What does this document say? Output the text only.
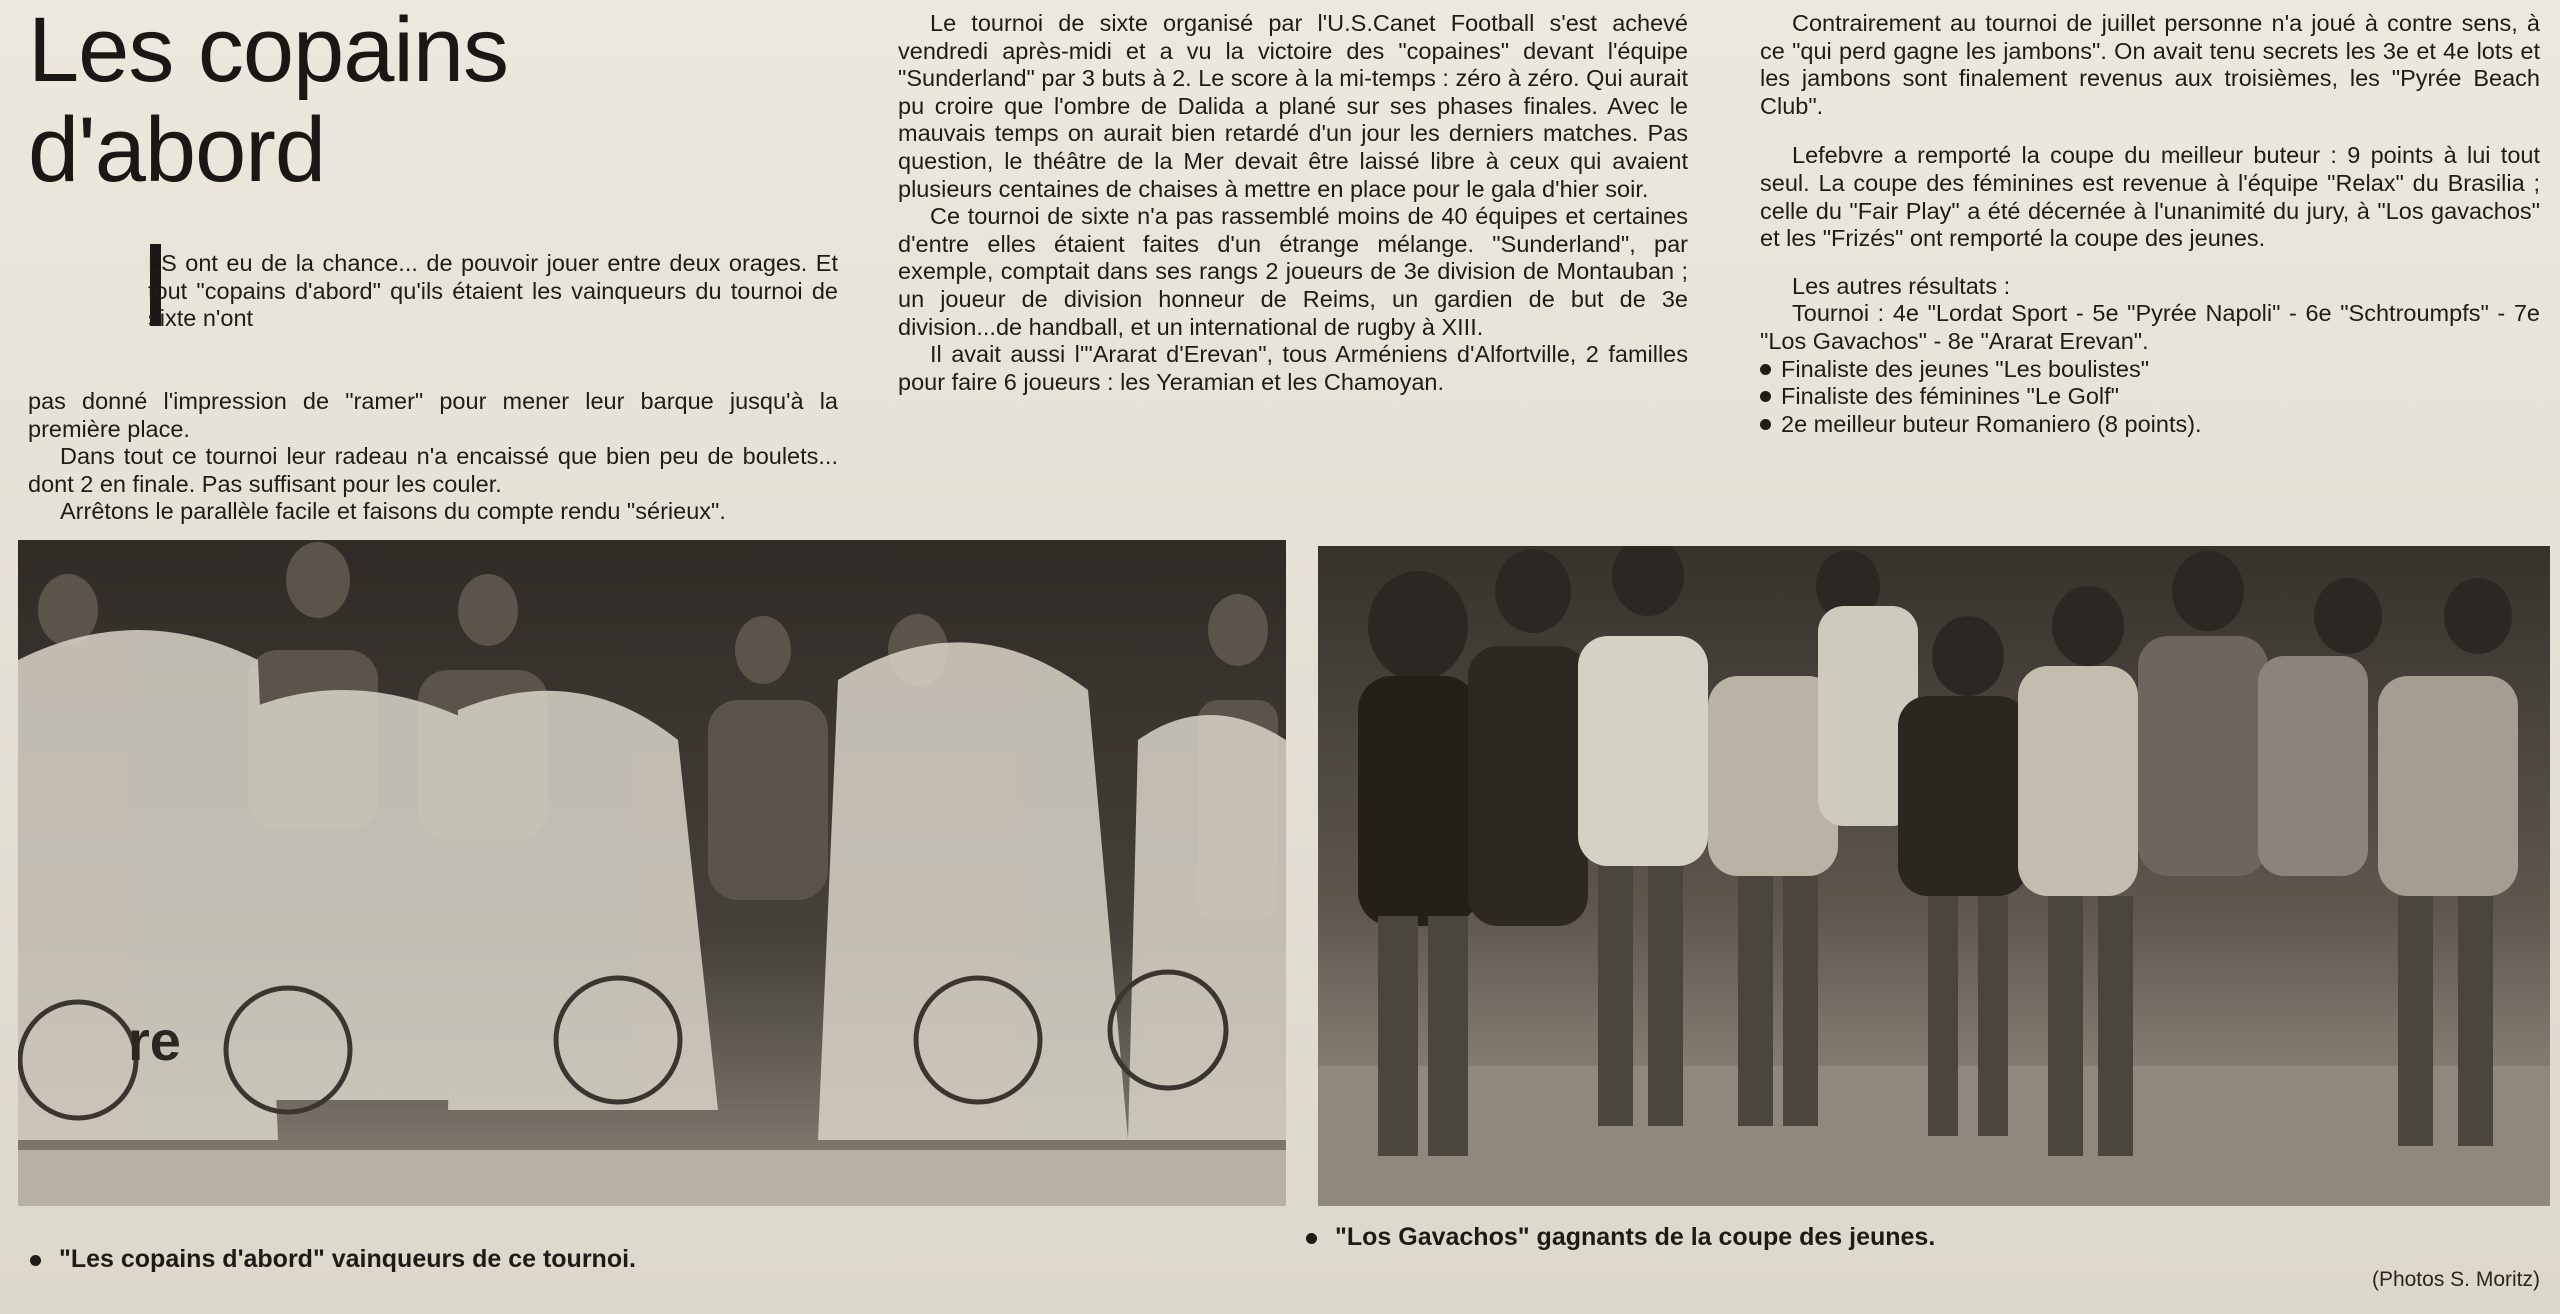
Les copains
d'abord

LS ont eu de la chance... de pouvoir jouer entre deux orages. Et tout "copains d'abord" qu'ils étaient les vainqueurs du tournoi de sixte n'ont

pas donné l'impression de "ramer" pour mener leur barque jusqu'à la première place.

Dans tout ce tournoi leur radeau n'a encaissé que bien peu de boulets... dont 2 en finale. Pas suffisant pour les couler.

Arrêtons le parallèle facile et faisons du compte rendu "sérieux".

Le tournoi de sixte organisé par l'U.S.Canet Football s'est achevé vendredi après-midi et a vu la victoire des "copaines" devant l'équipe "Sunderland" par 3 buts à 2. Le score à la mi-temps : zéro à zéro. Qui aurait pu croire que l'ombre de Dalida a plané sur ses phases finales. Avec le mauvais temps on aurait bien retardé d'un jour les derniers matches. Pas question, le théâtre de la Mer devait être laissé libre à ceux qui avaient plusieurs centaines de chaises à mettre en place pour le gala d'hier soir.

Ce tournoi de sixte n'a pas rassemblé moins de 40 équipes et certaines d'entre elles étaient faites d'un étrange mélange. "Sunderland", par exemple, comptait dans ses rangs 2 joueurs de 3e division de Montauban ; un joueur de division honneur de Reims, un gardien de but de 3e division...de handball, et un international de rugby à XIII.

Il avait aussi l'"Ararat d'Erevan", tous Arméniens d'Alfortville, 2 familles pour faire 6 joueurs : les Yeramian et les Chamoyan.

Contrairement au tournoi de juillet personne n'a joué à contre sens, à ce "qui perd gagne les jambons". On avait tenu secrets les 3e et 4e lots et les jambons sont finalement revenus aux troisièmes, les "Pyrée Beach Club".

Lefebvre a remporté la coupe du meilleur buteur : 9 points à lui tout seul. La coupe des féminines est revenue à l'équipe "Relax" du Brasilia ; celle du "Fair Play" a été décernée à l'unanimité du jury, à "Los gavachos" et les "Frizés" ont remporté la coupe des jeunes.

Les autres résultats :

Tournoi : 4e "Lordat Sport - 5e "Pyrée Napoli" - 6e "Schtroumpfs" - 7e "Los Gavachos" - 8e "Ararat Erevan".

Finaliste des jeunes "Les boulistes"
Finaliste des féminines "Le Golf"
2e meilleur buteur Romaniero (8 points).
re
"Les copains d'abord" vainqueurs de ce tournoi.
"Los Gavachos" gagnants de la coupe des jeunes.
(Photos S. Moritz)
